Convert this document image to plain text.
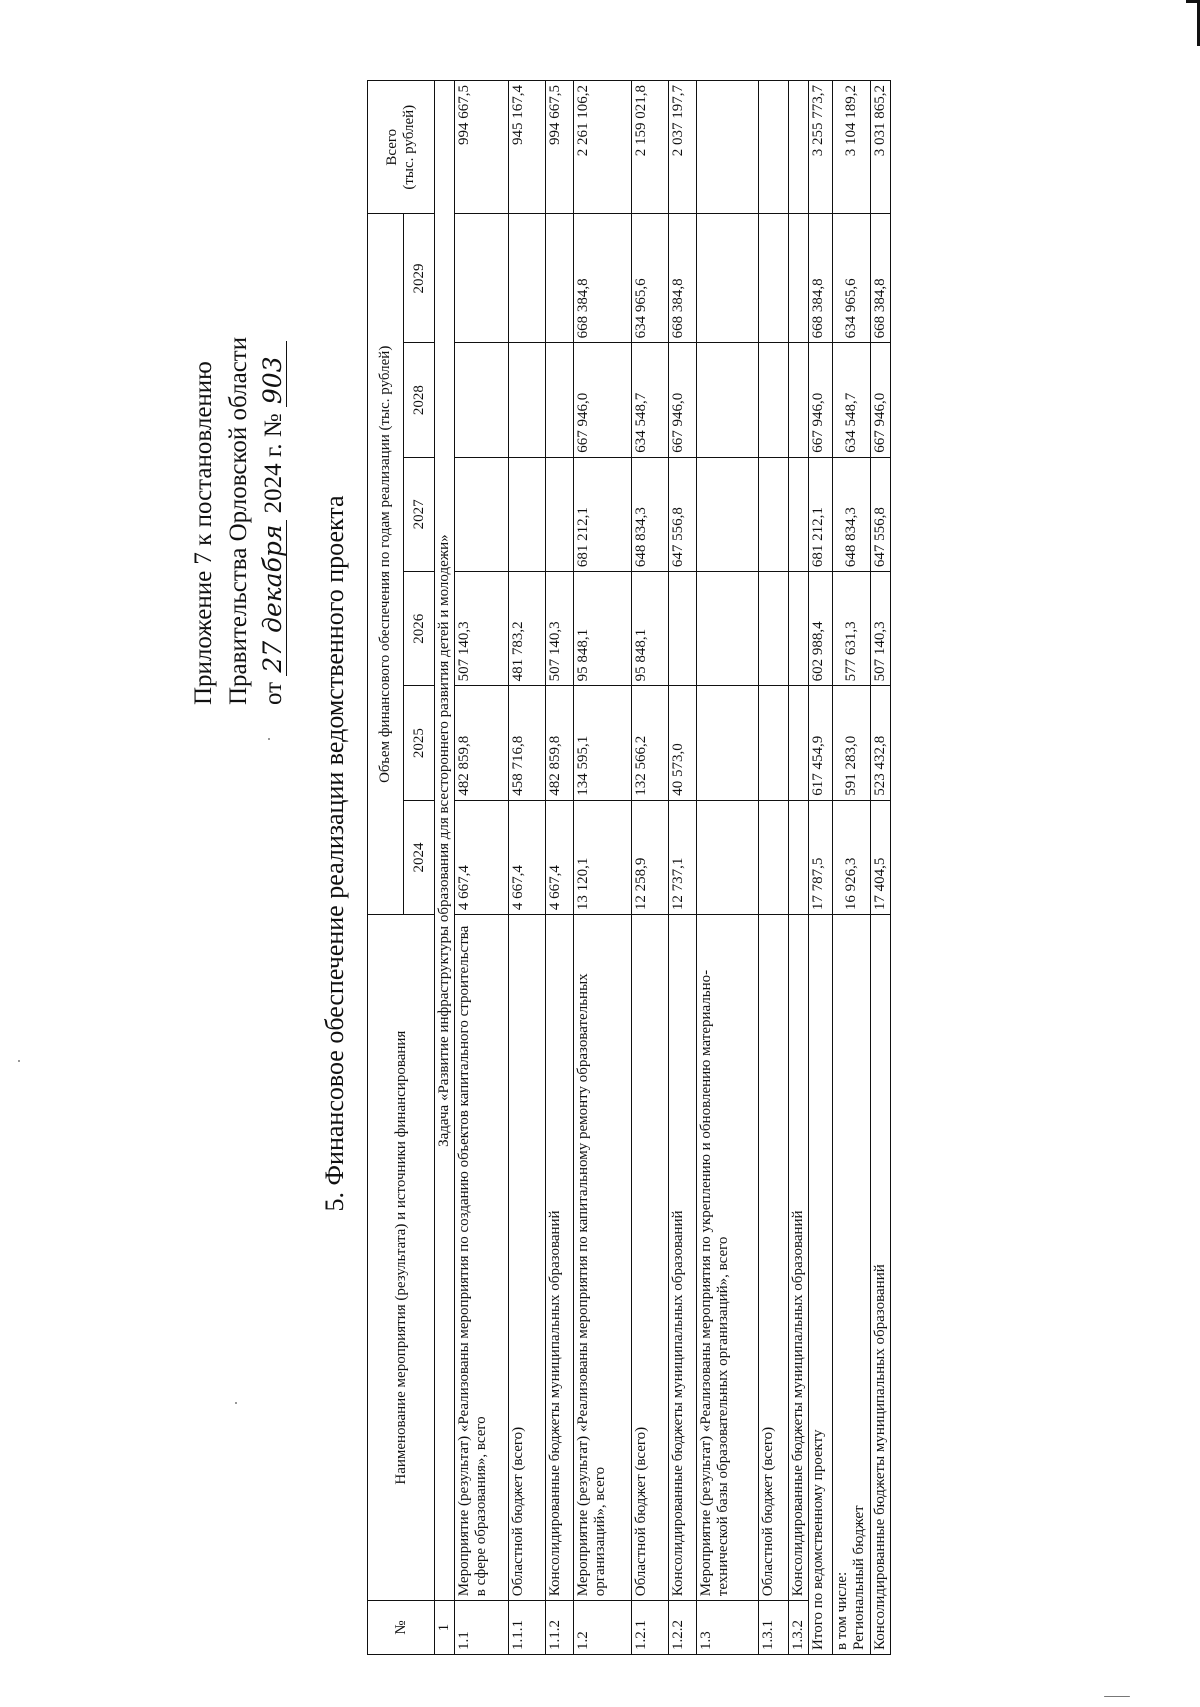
Приложение 7 к постановлению Правительства Орловской области от 27 декабря 2024 г. № 903
5. Финансовое обеспечение реализации ведомственного проекта
№	Наименование мероприятия (результата) и источники финансирования	Объем финансового обеспечения по годам реализации (тыс. рублей)						Всего (тыс. рублей)

		2024	2025	2026	2027	2028	2029	
1	Задача «Развитие инфраструктуры образования для всестороннего развития детей и молодежи»							
1.1	Мероприятие (результат) «Реализованы мероприятия по созданию объектов капитального строительства в сфере образования», всего	4 667,4	482 859,8	507 140,3				994 667,5
1.1.1	Областной бюджет (всего)	4 667,4	458 716,8	481 783,2				945 167,4
1.1.2	Консолидированные бюджеты муниципальных образований	4 667,4	482 859,8	507 140,3				994 667,5
1.2	Мероприятие (результат) «Реализованы мероприятия по капитальному ремонту образовательных организаций», всего	13 120,1	134 595,1	95 848,1	681 212,1	667 946,0	668 384,8	2 261 106,2
1.2.1	Областной бюджет (всего)	12 258,9	132 566,2	95 848,1	648 834,3	634 548,7	634 965,6	2 159 021,8
1.2.2	Консолидированные бюджеты муниципальных образований	12 737,1	40 573,0		647 556,8	667 946,0	668 384,8	2 037 197,7
1.3	Мероприятие (результат) «Реализованы мероприятия по укреплению и обновлению материально-технической базы образовательных организаций», всего							
1.3.1	Областной бюджет (всего)							
1.3.2	Консолидированные бюджеты муниципальных образований							

Итого по ведомственному проекту		17 787,5	617 454,9	602 988,4	681 212,1	667 946,0	668 384,8	3 255 773,7

в том числе: Региональный бюджет		16 926,3	591 283,0	577 631,3	648 834,3	634 548,7	634 965,6	3 104 189,2

Консолидированные бюджеты муниципальных образований		17 404,5	523 432,8	507 140,3	647 556,8	667 946,0	668 384,8	3 031 865,2
